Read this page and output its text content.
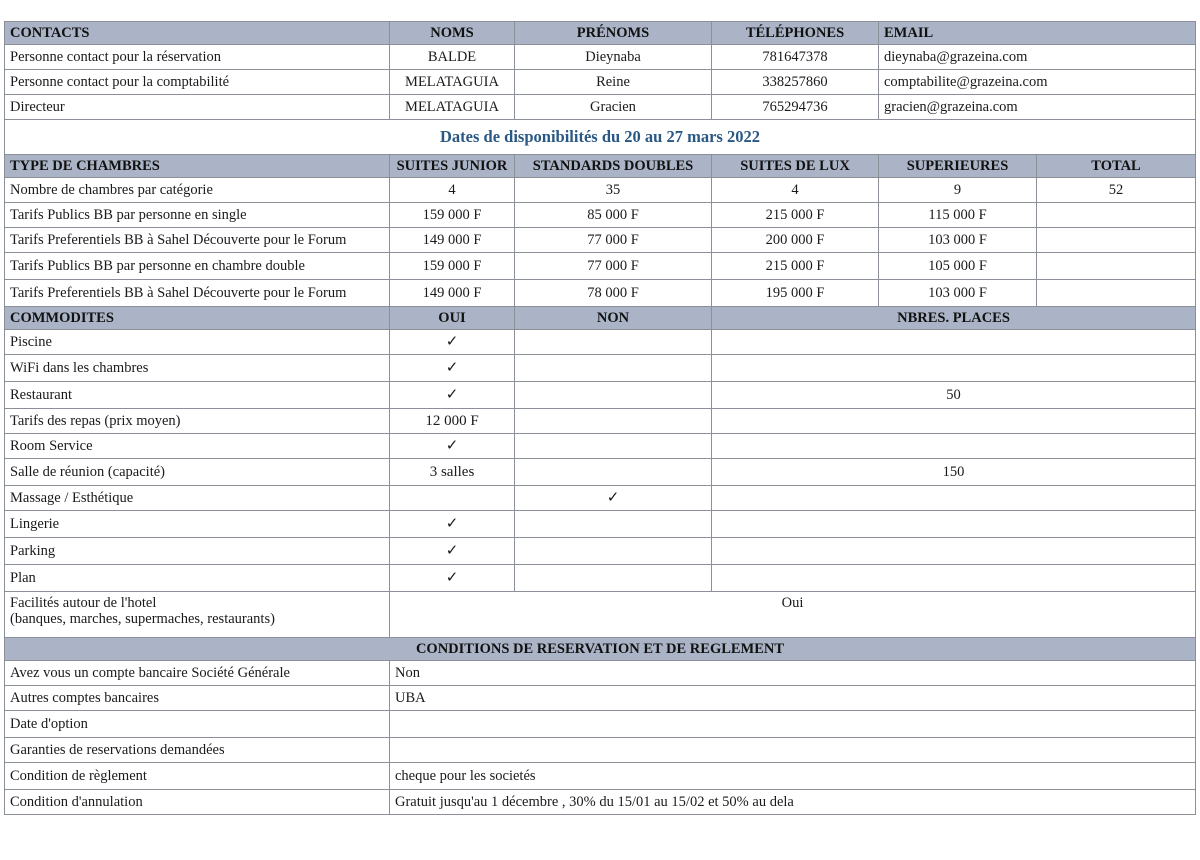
CONTACTS	NOMS	PRÉNOMS	TÉLÉPHONES	EMAIL	
Personne contact pour la réservation	BALDE	Dieynaba	781647378	dieynaba@grazeina.com	
Personne contact pour la comptabilité	MELATAGUIA	Reine	338257860	comptabilite@grazeina.com	
Directeur	MELATAGUIA	Gracien	765294736	gracien@grazeina.com	
Dates de disponibilités du 20 au 27 mars 2022					
TYPE DE CHAMBRES	SUITES JUNIOR	STANDARDS DOUBLES	SUITES DE LUX	SUPERIEURES	TOTAL
Nombre de chambres par catégorie	4	35	4	9	52
Tarifs Publics BB par personne en single	159 000 F	85 000 F	215 000 F	115 000 F	
Tarifs Preferentiels BB à Sahel Découverte pour le Forum	149 000 F	77 000 F	200 000 F	103 000 F	
Tarifs Publics BB par personne en chambre double	159 000 F	77 000 F	215 000 F	105 000 F	
Tarifs Preferentiels BB à Sahel Découverte pour le Forum	149 000 F	78 000 F	195 000 F	103 000 F	
COMMODITES	OUI	NON	NBRES. PLACES		
Piscine	✓				
WiFi dans les chambres	✓				
Restaurant	✓		50		
Tarifs des repas (prix moyen)	12 000 F				
Room Service	✓				
Salle de réunion (capacité)	3 salles		150		
Massage / Esthétique		✓			
Lingerie	✓				
Parking	✓				
Plan	✓				

Facilités autour de l'hotel
(banques, marches, supermaches, restaurants)	Oui				
CONDITIONS DE RESERVATION ET DE REGLEMENT					
Avez vous un compte bancaire Société Générale	Non				
Autres comptes bancaires	UBA				
Date d'option					
Garanties de reservations demandées					
Condition de règlement	cheque pour les societés				
Condition d'annulation	Gratuit jusqu'au 1 décembre , 30% du 15/01 au 15/02 et 50% au dela				
